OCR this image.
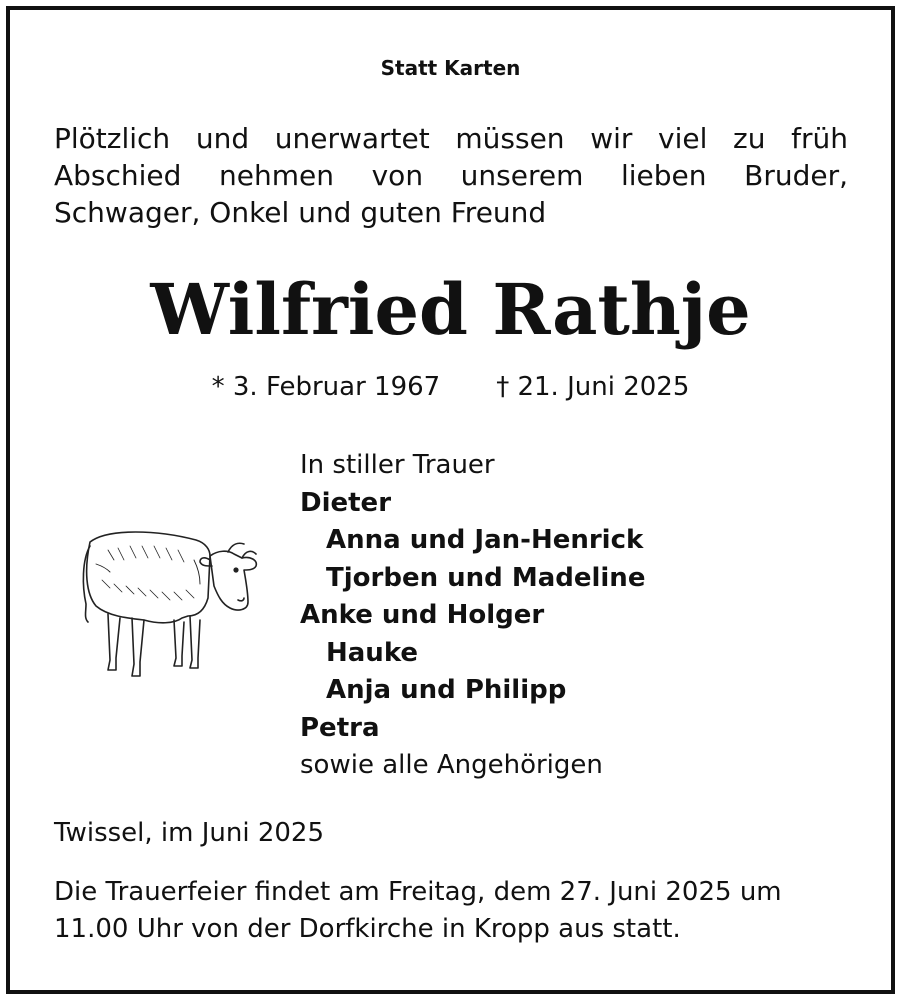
Statt Karten
Plötzlich und unerwartet müssen wir viel zu früh Abschied nehmen von unserem lieben Bruder, Schwager, Onkel und guten Freund
Wilfried Rathje
* 3. Februar 1967 † 21. Juni 2025
In stiller Trauer
Dieter
Anna und Jan-Henrick
Tjorben und Madeline
Anke und Holger
Hauke
Anja und Philipp
Petra
sowie alle Angehörigen
Twissel, im Juni 2025
Die Trauerfeier findet am Freitag, dem 27. Juni 2025 um 11.00 Uhr von der Dorfkirche in Kropp aus statt.
